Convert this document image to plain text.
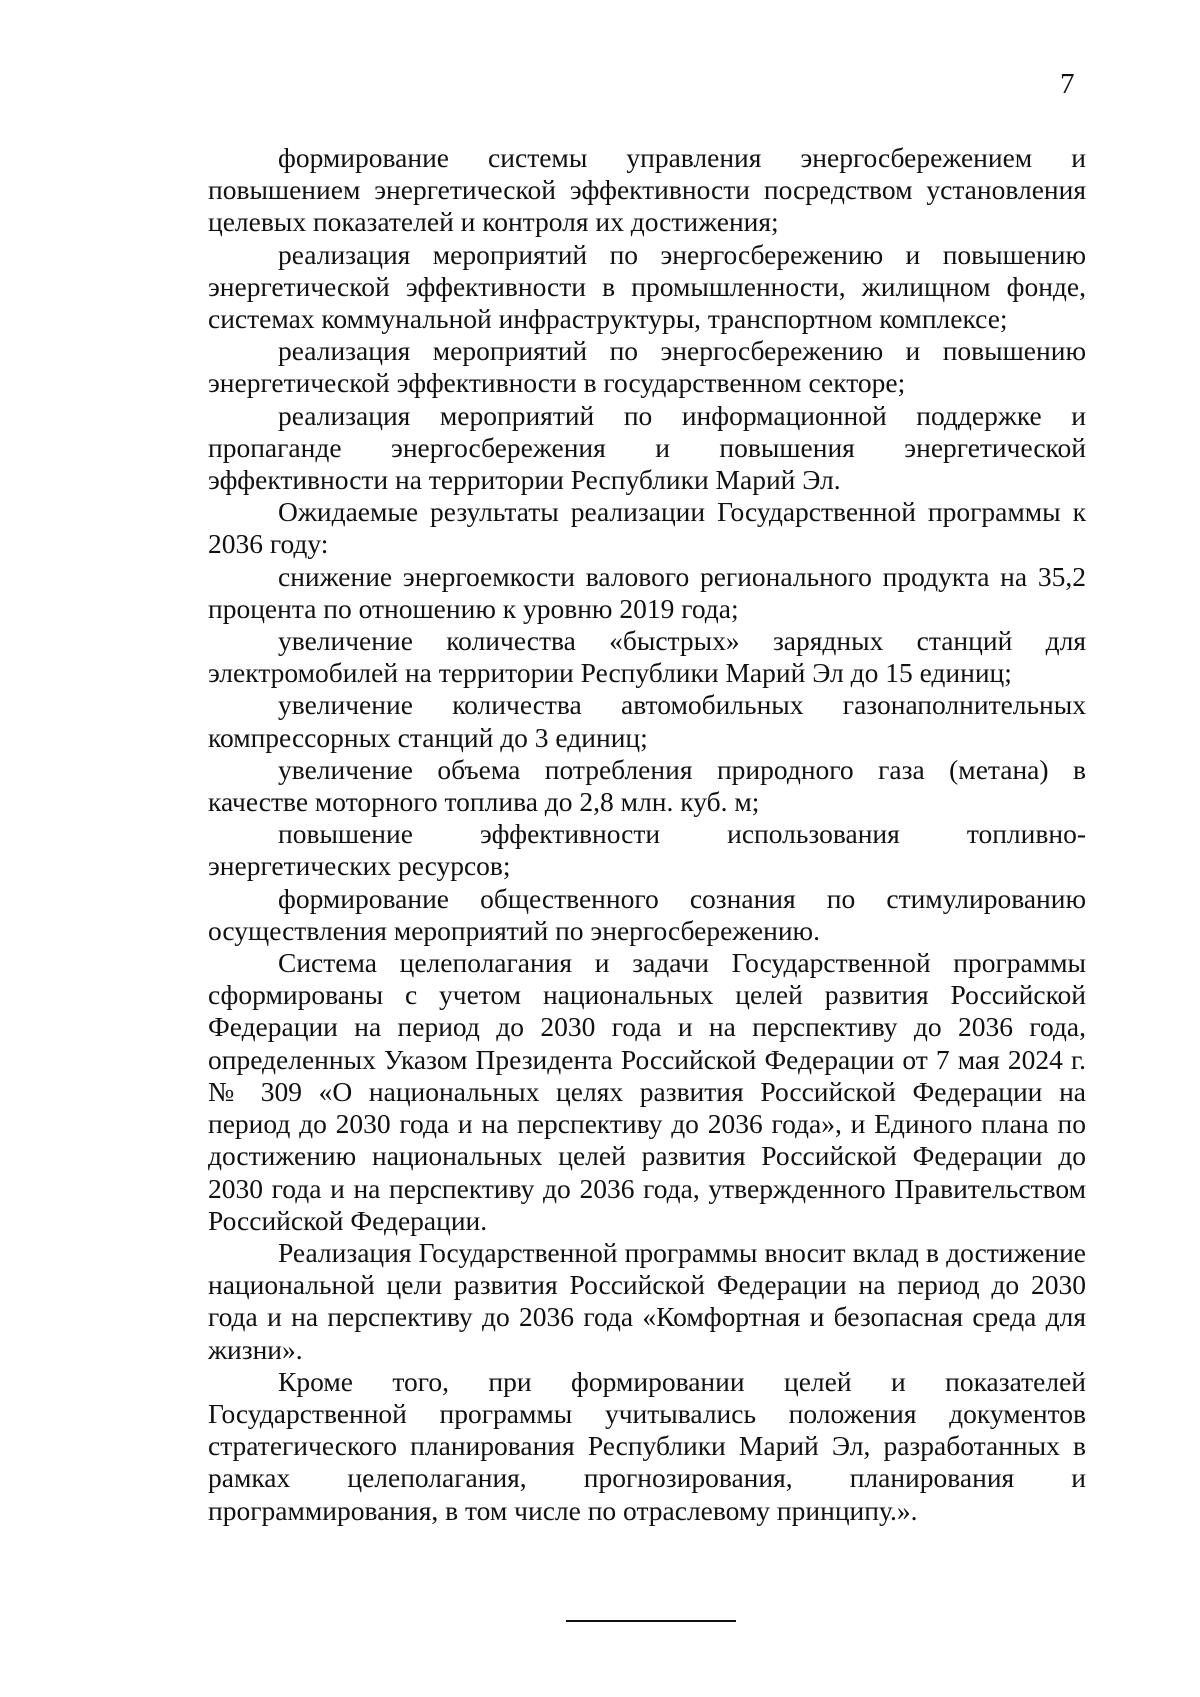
7

формирование системы управления энергосбережением и повышением энергетической эффективности посредством установления целевых показателей и контроля их достижения;

реализация мероприятий по энергосбережению и повышению энергетической эффективности в промышленности, жилищном фонде, системах коммунальной инфраструктуры, транспортном комплексе;

реализация мероприятий по энергосбережению и повышению энергетической эффективности в государственном секторе;

реализация мероприятий по информационной поддержке и пропаганде энергосбережения и повышения энергетической эффективности на территории Республики Марий Эл.

Ожидаемые результаты реализации Государственной программы к 2036 году:

снижение энергоемкости валового регионального продукта на 35,2 процента по отношению к уровню 2019 года;

увеличение количества «быстрых» зарядных станций для электромобилей на территории Республики Марий Эл до 15 единиц;

увеличение количества автомобильных газонаполнительных компрессорных станций до 3 единиц;

увеличение объема потребления природного газа (метана) в качестве моторного топлива до 2,8 млн. куб. м;

повышение эффективности использования топливно-энергетических ресурсов;

формирование общественного сознания по стимулированию осуществления мероприятий по энергосбережению.

Система целеполагания и задачи Государственной программы сформированы с учетом национальных целей развития Российской Федерации на период до 2030 года и на перспективу до 2036 года, определенных Указом Президента Российской Федерации от 7 мая 2024 г. № 309 «О национальных целях развития Российской Федерации на период до 2030 года и на перспективу до 2036 года», и Единого плана по достижению национальных целей развития Российской Федерации до 2030 года и на перспективу до 2036 года, утвержденного Правительством Российской Федерации.

Реализация Государственной программы вносит вклад в достижение национальной цели развития Российской Федерации на период до 2030 года и на перспективу до 2036 года «Комфортная и безопасная среда для жизни».

Кроме того, при формировании целей и показателей Государственной программы учитывались положения документов стратегического планирования Республики Марий Эл, разработанных в рамках целеполагания, прогнозирования, планирования и программирования, в том числе по отраслевому принципу.».
